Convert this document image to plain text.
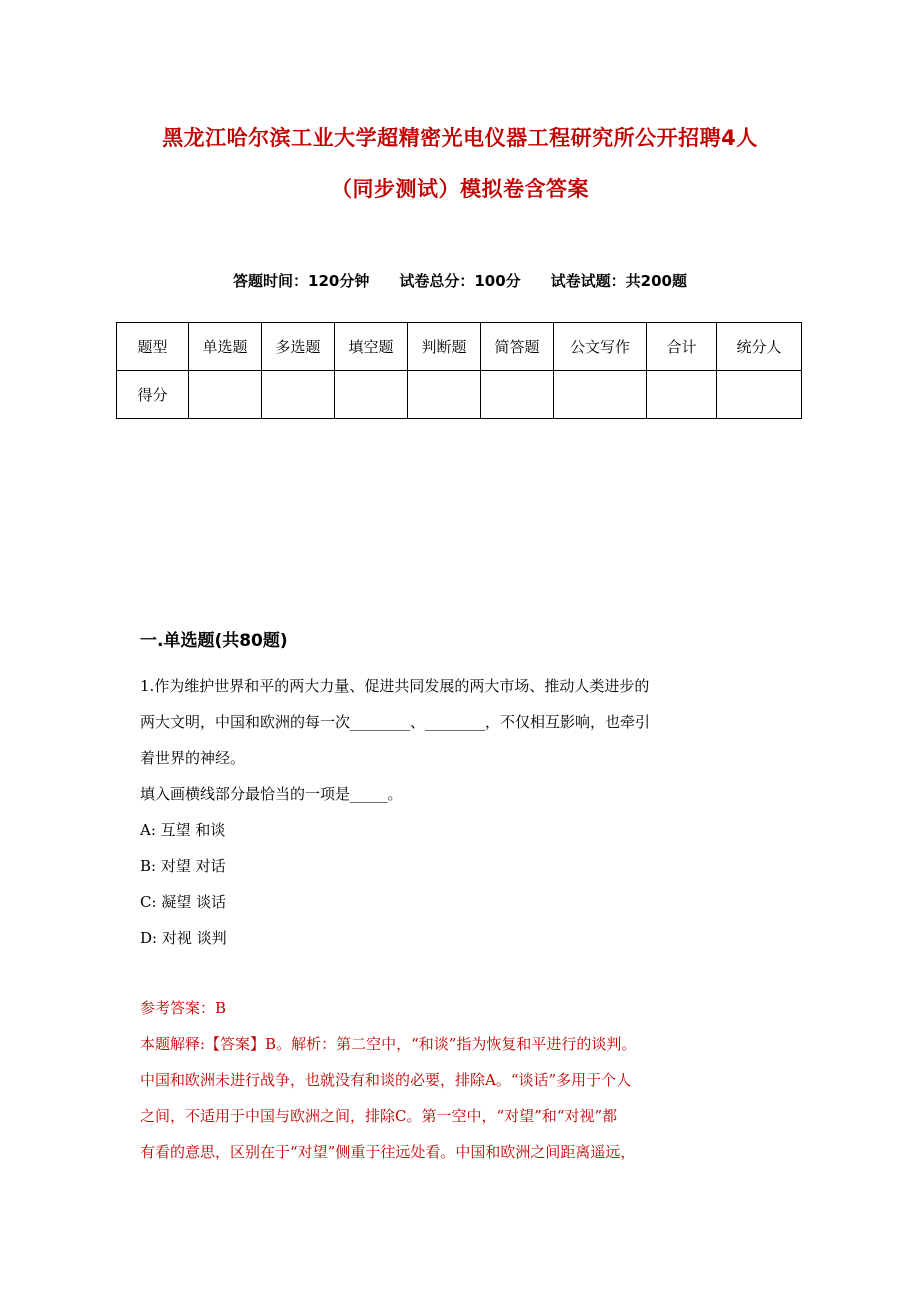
黑龙江哈尔滨工业大学超精密光电仪器工程研究所公开招聘4人
（同步测试）模拟卷含答案
答题时间：120分钟 试卷总分：100分 试卷试题：共200题
题型	单选题	多选题	填空题	判断题	简答题	公文写作	合计	统分人
得分								
一.单选题(共80题)

1.作为维护世界和平的两大力量、促进共同发展的两大市场、推动人类进步的

两大文明，中国和欧洲的每一次________、________，不仅相互影响，也牵引

着世界的神经。

填入画横线部分最恰当的一项是_____。

A: 互望 和谈

B: 对望 对话

C: 凝望 谈话

D: 对视 谈判

参考答案：B

本题解释:【答案】B。解析：第二空中，“和谈”指为恢复和平进行的谈判。

中国和欧洲未进行战争，也就没有和谈的必要，排除A。“谈话”多用于个人

之间，不适用于中国与欧洲之间，排除C。第一空中，“对望”和“对视”都

有看的意思，区别在于“对望”侧重于往远处看。中国和欧洲之间距离遥远，
